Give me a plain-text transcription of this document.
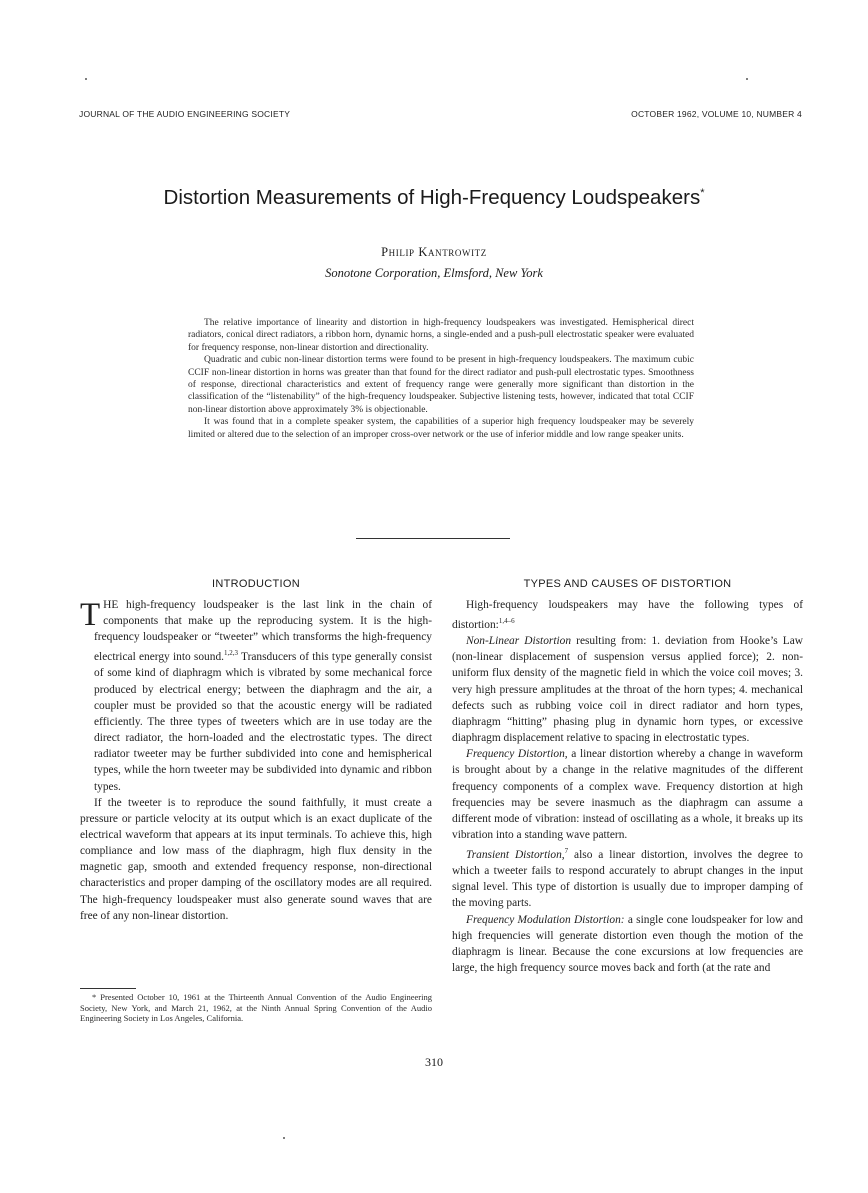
JOURNAL OF THE AUDIO ENGINEERING SOCIETY	OCTOBER 1962, VOLUME 10, NUMBER 4
Distortion Measurements of High-Frequency Loudspeakers*
Philip Kantrowitz
Sonotone Corporation, Elmsford, New York

The relative importance of linearity and distortion in high-frequency loudspeakers was investigated. Hemispherical direct radiators, conical direct radiators, a ribbon horn, dynamic horns, a single-ended and a push-pull electrostatic speaker were evaluated for frequency response, non-linear distortion and directionality.

Quadratic and cubic non-linear distortion terms were found to be present in high-frequency loudspeakers. The maximum cubic CCIF non-linear distortion in horns was greater than that found for the direct radiator and push-pull electrostatic types. Smoothness of response, directional characteristics and extent of frequency range were generally more significant than distortion in the classification of the “listenability” of the high-frequency loudspeaker. Subjective listening tests, however, indicated that total CCIF non-linear distortion above approximately 3% is objectionable.

It was found that in a complete speaker system, the capabilities of a superior high frequency loudspeaker may be severely limited or altered due to the selection of an improper cross-over network or the use of inferior middle and low range speaker units.

INTRODUCTION	TYPES AND CAUSES OF DISTORTION

THE high-frequency loudspeaker is the last link in the chain of components that make up the reproducing system. It is the high-frequency loudspeaker or “tweeter” which transforms the high-frequency electrical energy into sound.$^{1,2,3}$ Transducers of this type generally consist of some kind of diaphragm which is vibrated by some mechanical force produced by electrical energy; between the diaphragm and the air, a coupler must be provided so that the acoustic energy will be radiated efficiently. The three types of tweeters which are in use today are the direct radiator, the horn-loaded and the electrostatic types. The direct radiator tweeter may be further subdivided into cone and hemispherical types, while the horn tweeter may be subdivided into dynamic and ribbon types.

If the tweeter is to reproduce the sound faithfully, it must create a pressure or particle velocity at its output which is an exact duplicate of the electrical waveform that appears at its input terminals. To achieve this, high compliance and low mass of the diaphragm, high flux density in the magnetic gap, smooth and extended frequency response, non-directional characteristics and proper damping of the oscillatory modes are all required. The high-frequency loudspeaker must also generate sound waves that are free of any non-linear distortion.

* Presented October 10, 1961 at the Thirteenth Annual Convention of the Audio Engineering Society, New York, and March 21, 1962, at the Ninth Annual Spring Convention of the Audio Engineering Society in Los Angeles, California.

High-frequency loudspeakers may have the following types of distortion:$^{1,4-6}$

Non-Linear Distortion resulting from: 1. deviation from Hooke’s Law (non-linear displacement of suspension versus applied force); 2. non-uniform flux density of the magnetic field in which the voice coil moves; 3. very high pressure amplitudes at the throat of the horn types; 4. mechanical defects such as rubbing voice coil in direct radiator and horn types, diaphragm “hitting” phasing plug in dynamic horn types, or excessive diaphragm displacement relative to spacing in electrostatic types.

Frequency Distortion, a linear distortion whereby a change in waveform is brought about by a change in the relative magnitudes of the different frequency components of a complex wave. Frequency distortion at high frequencies may be severe inasmuch as the diaphragm can assume a different mode of vibration: instead of oscillating as a whole, it breaks up its vibration into a standing wave pattern.

Transient Distortion,$^7$ also a linear distortion, involves the degree to which a tweeter fails to respond accurately to abrupt changes in the input signal level. This type of distortion is usually due to improper damping of the moving parts.

Frequency Modulation Distortion: a single cone loudspeaker for low and high frequencies will generate distortion even though the motion of the diaphragm is linear. Because the cone excursions at low frequencies are large, the high frequency source moves back and forth (at the rate and

310
